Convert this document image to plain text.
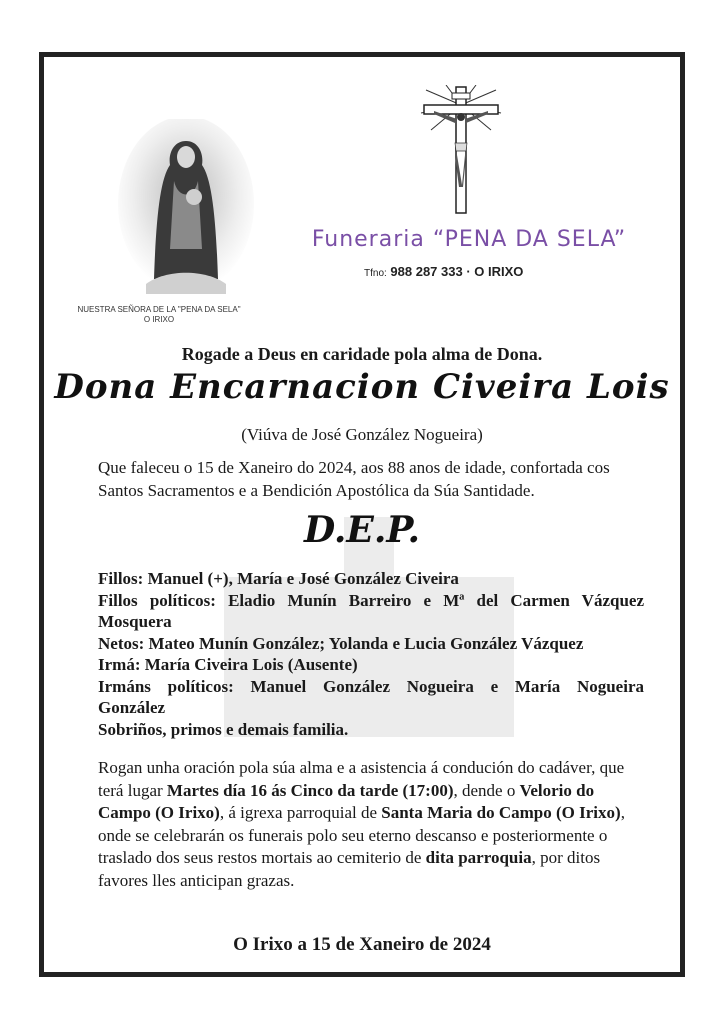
NUESTRA SEÑORA DE LA "PENA DA SELA"
O IRIXO
Funeraria “PENA DA SELA”
Tfno: 988 287 333 · O IRIXO
Rogade a Deus en caridade pola alma de Dona.
Dona Encarnacion Civeira Lois
(Viúva de José González Nogueira)
Que faleceu o 15 de Xaneiro do 2024, aos 88 anos de idade, confortada cos Santos Sacramentos e a Bendición Apostólica da Súa Santidade.
D.E.P.
Fillos: Manuel (+), María e José González Civeira
Fillos políticos: Eladio Munín Barreiro e Mª del Carmen Vázquez
Mosquera
Netos: Mateo Munín González; Yolanda e Lucia González Vázquez
Irmá: María Civeira Lois (Ausente)
Irmáns políticos: Manuel González Nogueira e María Nogueira
González
Sobriños, primos e demais familia.
Rogan unha oración pola súa alma e a asistencia á condución do cadáver, que terá lugar Martes día 16 ás Cinco da tarde (17:00), dende o Velorio do Campo (O Irixo), á igrexa parroquial de Santa Maria do Campo (O Irixo), onde se celebrarán os funerais polo seu eterno descanso e posteriormente o traslado dos seus restos mortais ao cemiterio de dita parroquia, por ditos favores lles anticipan grazas.
O Irixo a 15 de Xaneiro de 2024
